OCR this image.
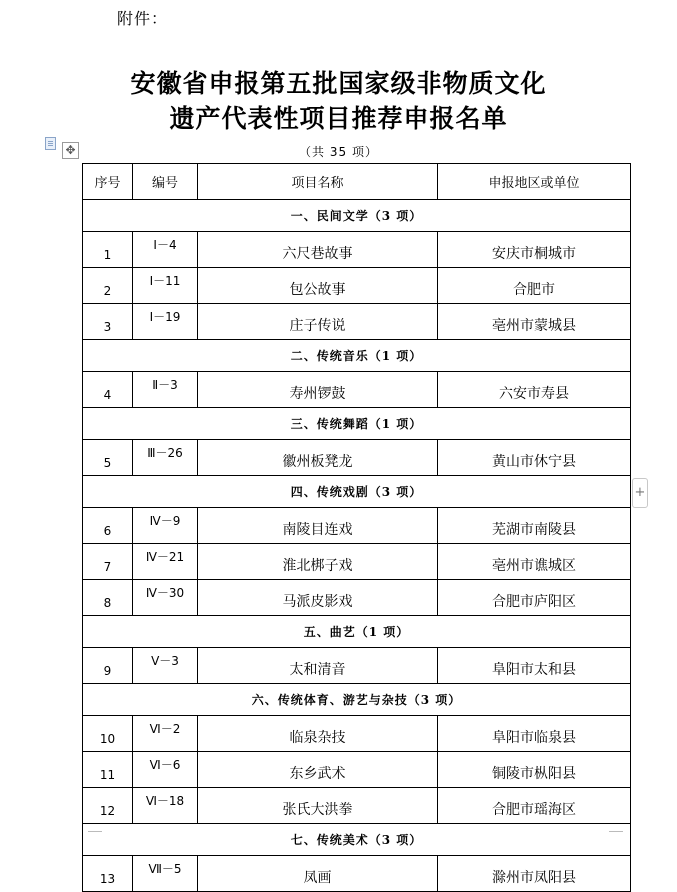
附件：
安徽省申报第五批国家级非物质文化
遗产代表性项目推荐申报名单
✥	（共 35 项）
序号	编号	项目名称	申报地区或单位
一、民间文学（3 项）			
1	Ⅰ－4	六尺巷故事	安庆市桐城市
2	Ⅰ－11	包公故事	合肥市
3	Ⅰ－19	庄子传说	亳州市蒙城县
二、传统音乐（1 项）			
4	Ⅱ－3	寿州锣鼓	六安市寿县
三、传统舞蹈（1 项）			
5	Ⅲ－26	徽州板凳龙	黄山市休宁县
四、传统戏剧（3 项）			
6	Ⅳ－9	南陵目连戏	芜湖市南陵县
7	Ⅳ－21	淮北梆子戏	亳州市谯城区
8	Ⅳ－30	马派皮影戏	合肥市庐阳区
五、曲艺（1 项）			
9	Ⅴ－3	太和清音	阜阳市太和县
六、传统体育、游艺与杂技（3 项）			
10	Ⅵ－2	临泉杂技	阜阳市临泉县
11	Ⅵ－6	东乡武术	铜陵市枞阳县
12	Ⅵ－18	张氏大洪拳	合肥市瑶海区
七、传统美术（3 项）			
13	Ⅶ－5	凤画	滁州市凤阳县
+
